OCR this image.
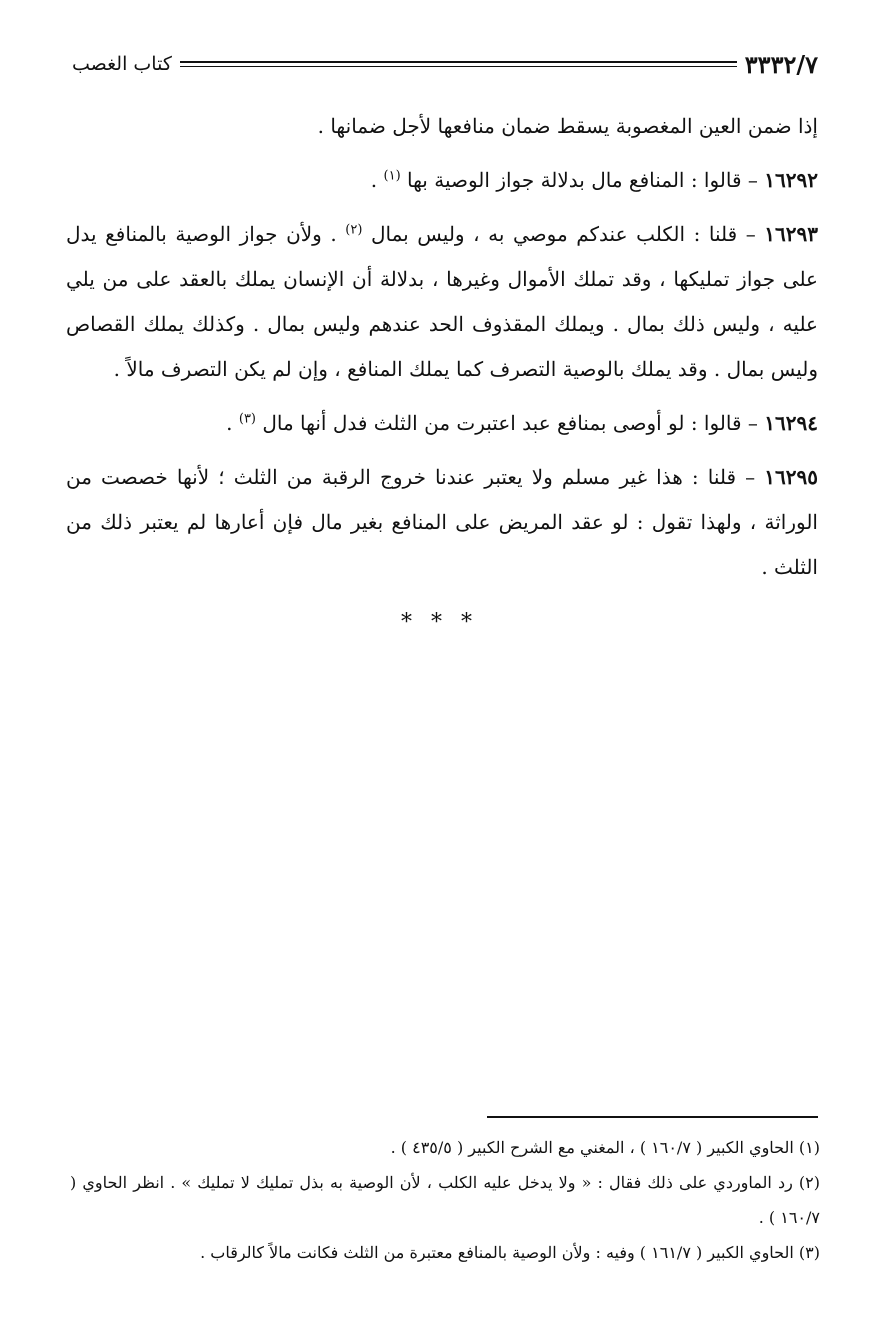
٣٣٣٢/٧
كتاب الغصب

إذا ضمن العين المغصوبة يسقط ضمان منافعها لأجل ضمانها .

١٦٢٩٢ – قالوا : المنافع مال بدلالة جواز الوصية بها $^{(١)}$ .

١٦٢٩٣ – قلنا : الكلب عندكم موصي به ، وليس بمال $^{(٢)}$ . ولأن جواز الوصية بالمنافع يدل على جواز تمليكها ، وقد تملك الأموال وغيرها ، بدلالة أن الإنسان يملك بالعقد على من يلي عليه ، وليس ذلك بمال . ويملك المقذوف الحد عندهم وليس بمال . وكذلك يملك القصاص وليس بمال . وقد يملك بالوصية التصرف كما يملك المنافع ، وإن لم يكن التصرف مالاً .

١٦٢٩٤ – قالوا : لو أوصى بمنافع عبد اعتبرت من الثلث فدل أنها مال $^{(٣)}$ .

١٦٢٩٥ – قلنا : هذا غير مسلم ولا يعتبر عندنا خروج الرقبة من الثلث ؛ لأنها خصصت من الوراثة ، ولهذا تقول : لو عقد المريض على المنافع بغير مال فإن أعارها لم يعتبر ذلك من الثلث .

* * *

(١) الحاوي الكبير ( ١٦٠/٧ ) ، المغني مع الشرح الكبير ( ٤٣٥/٥ ) .

(٢) رد الماوردي على ذلك فقال : « ولا يدخل عليه الكلب ، لأن الوصية به بذل تمليك لا تمليك » . انظر الحاوي ( ١٦٠/٧ ) .

(٣) الحاوي الكبير ( ١٦١/٧ ) وفيه : ولأن الوصية بالمنافع معتبرة من الثلث فكانت مالاً كالرقاب .
